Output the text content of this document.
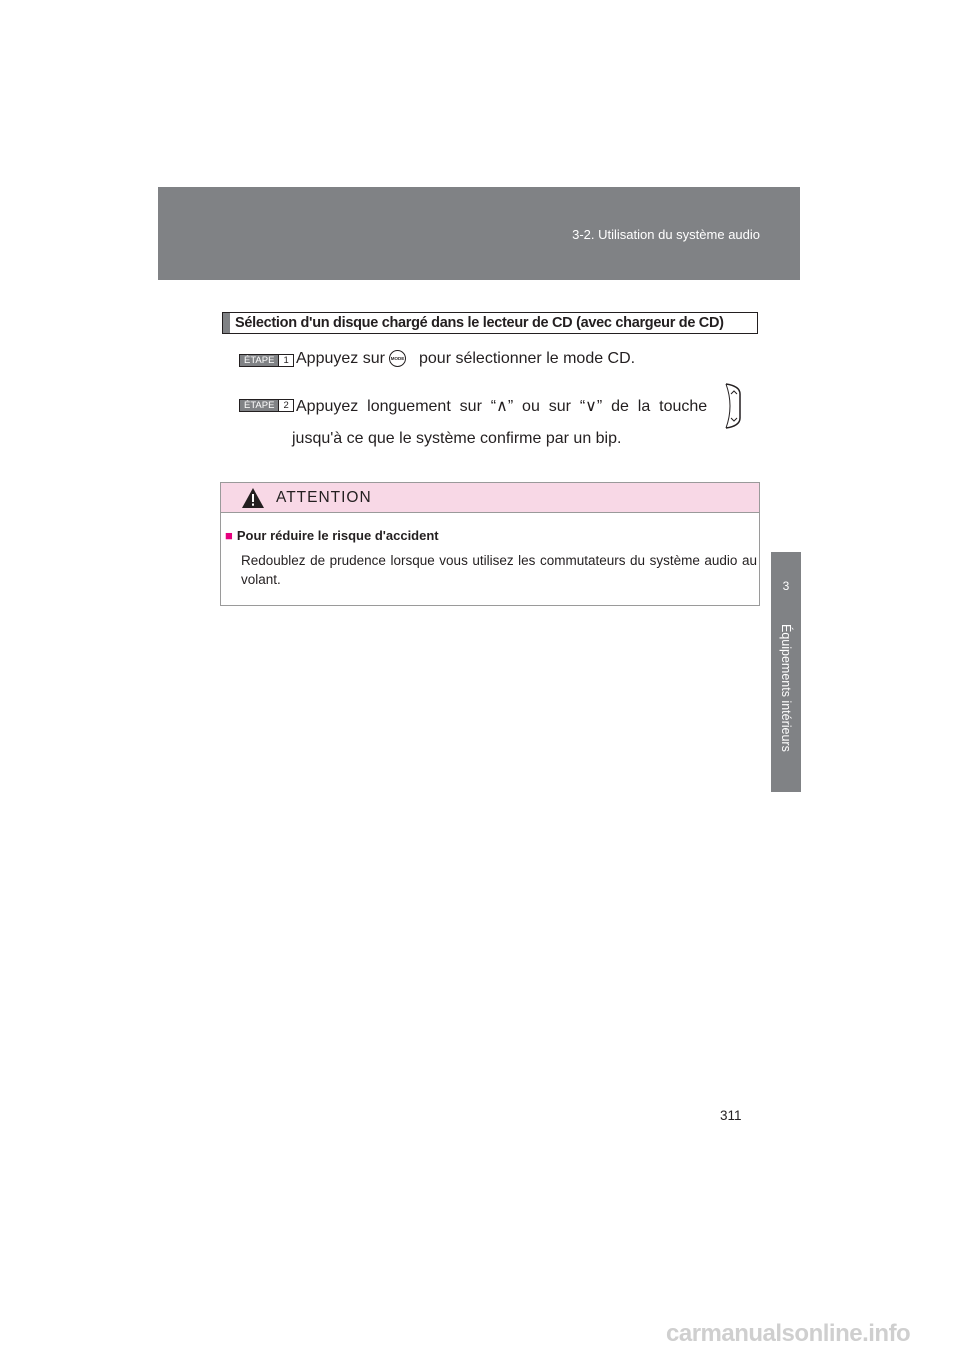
3-2. Utilisation du système audio
3
Équipements intérieurs
Sélection d'un disque chargé dans le lecteur de CD (avec chargeur de CD)
ÉTAPE 1 Appuyez sur	MODE pour sélectionner le mode CD.
ÉTAPE 2 Appuyez  longuement  sur  “∧”  ou  sur  “∨”  de  la  touche
jusqu'à ce que le système confirme par un bip.
ATTENTION
■ Pour réduire le risque d'accident
Redoublez de prudence lorsque vous utilisez les commutateurs du système audio au volant.
311
carmanualsonline.info
